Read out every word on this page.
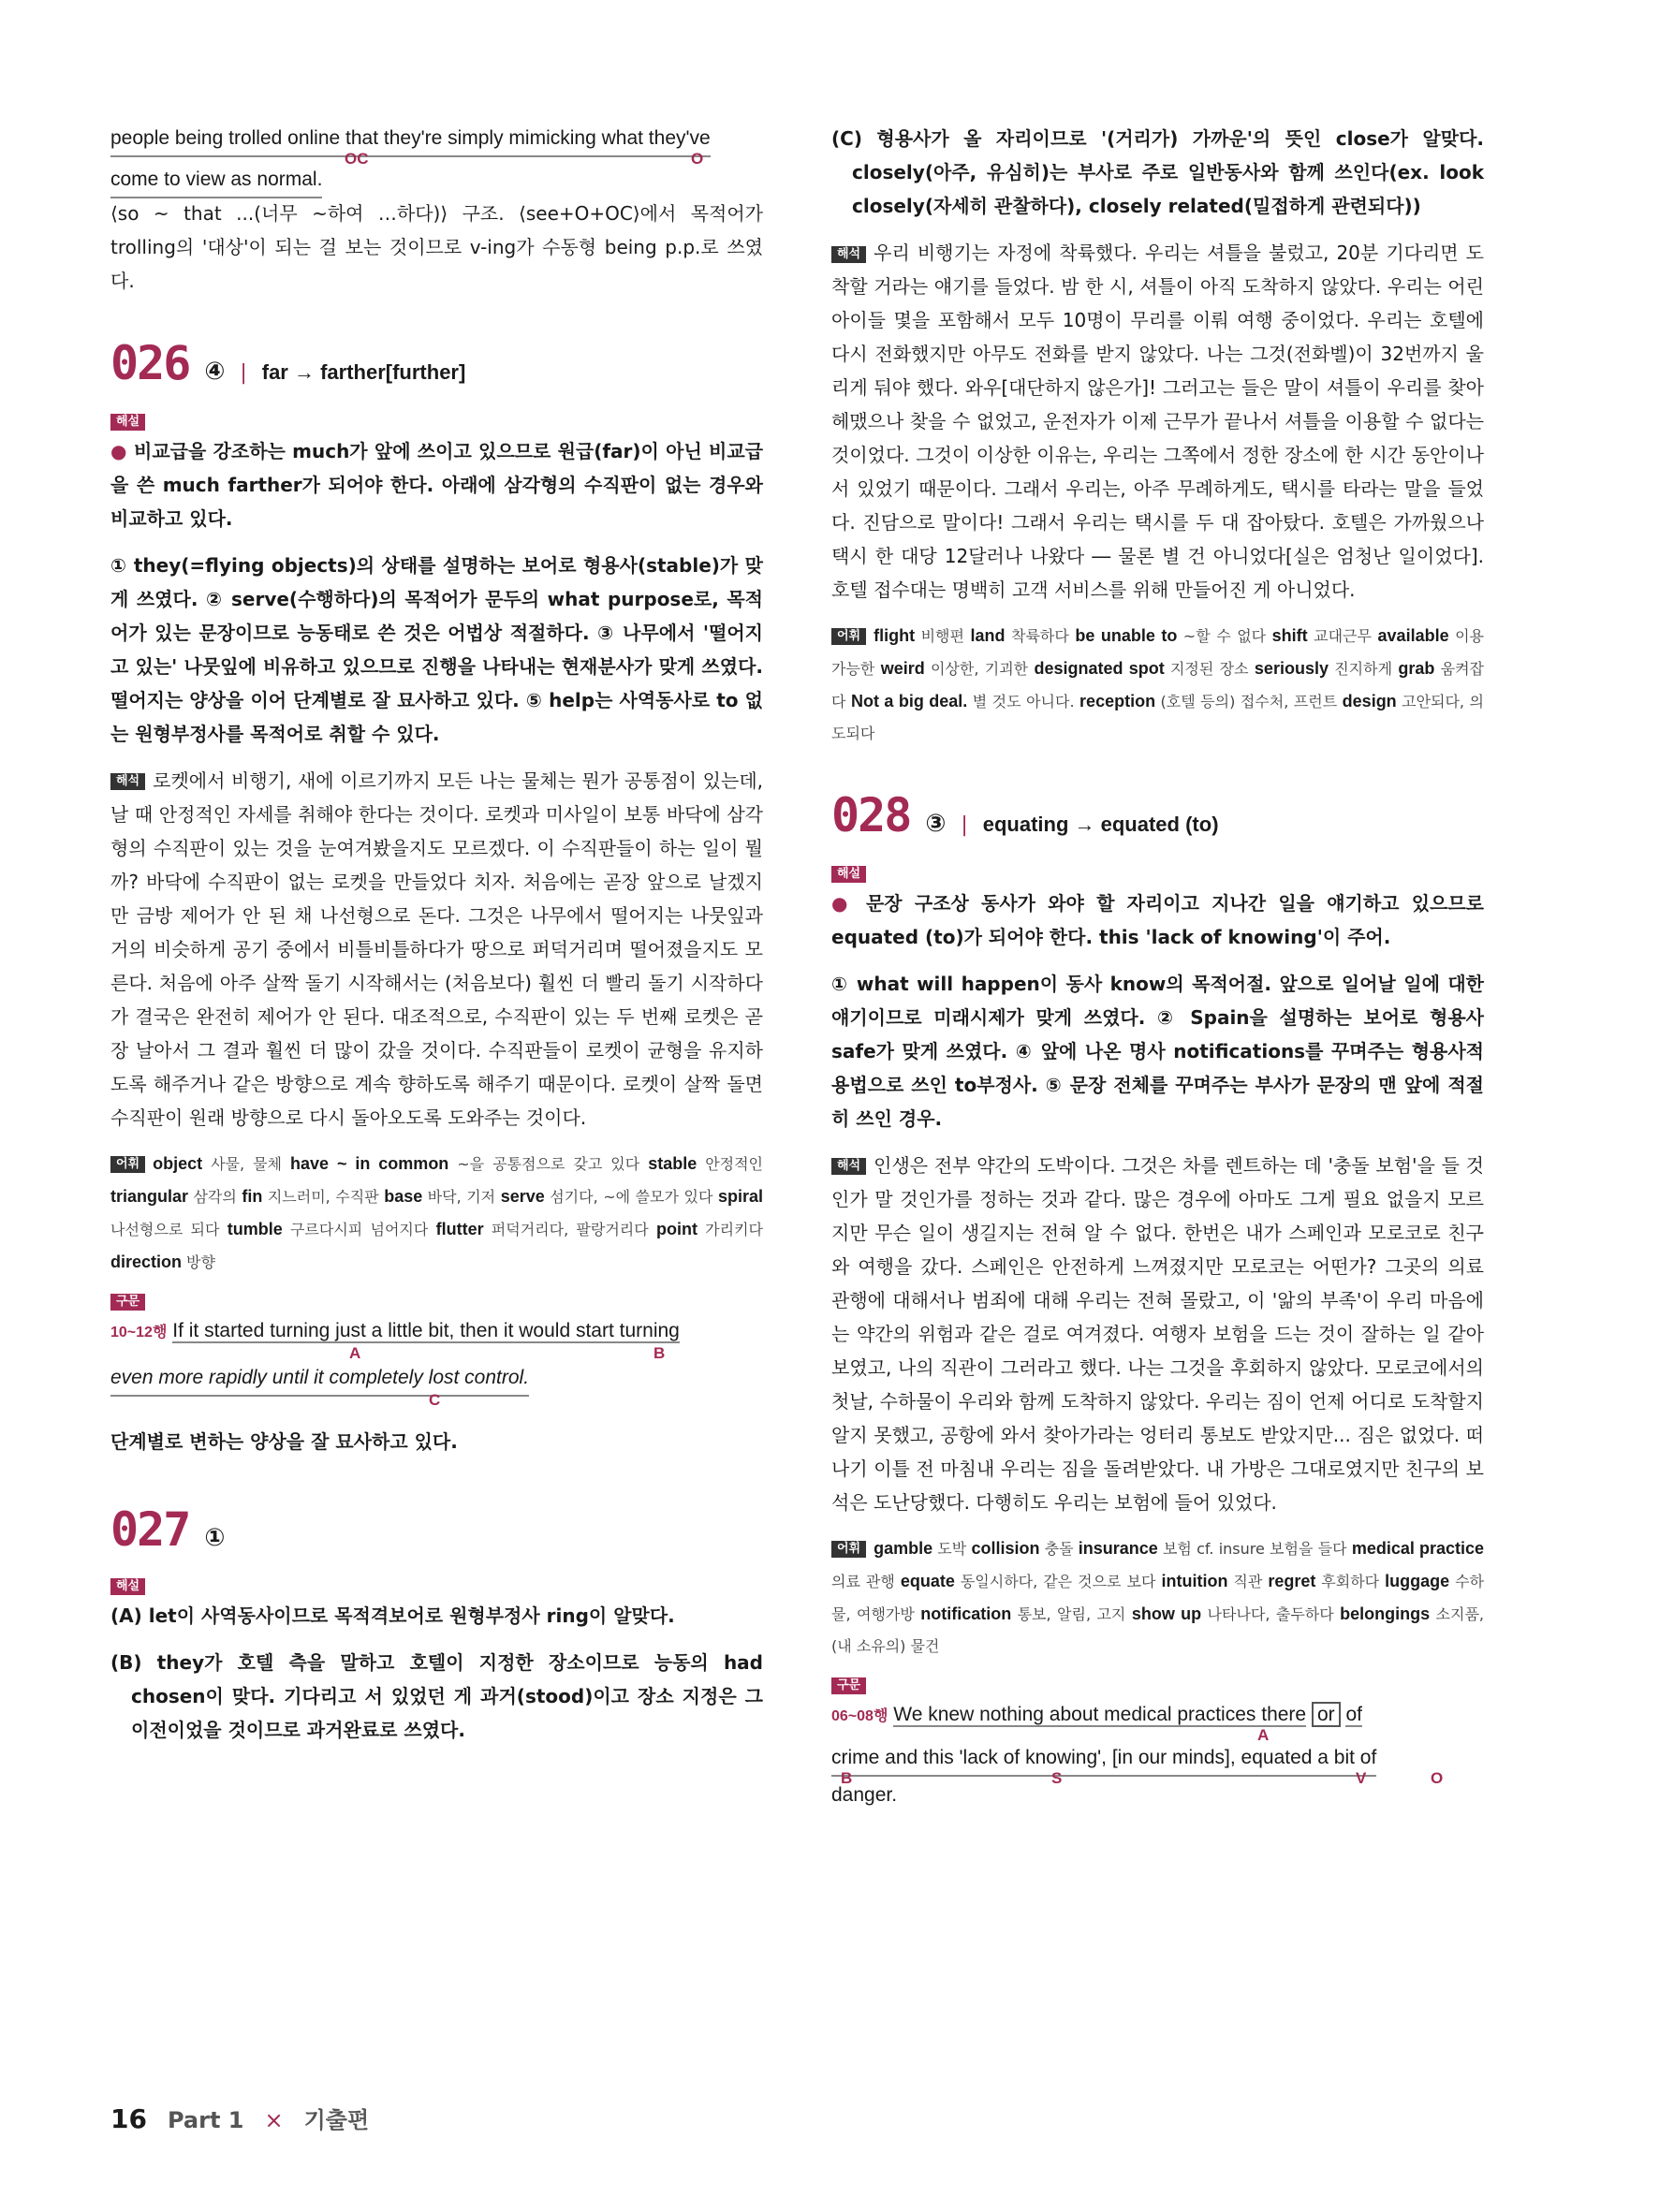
people being trolled online that they're simply mimicking what they've
OC	O
come to view as normal.

⟨so ~ that ...(너무 ~하여 …하다)⟩ 구조. ⟨see+O+OC⟩에서 목적어가 trolling의 '대상'이 되는 걸 보는 것이므로 v-ing가 수동형 being p.p.로 쓰였다.

026 ④ | far → farther[further]
해설

● 비교급을 강조하는 much가 앞에 쓰이고 있으므로 원급(far)이 아닌 비교급을 쓴 much farther가 되어야 한다. 아래에 삼각형의 수직판이 없는 경우와 비교하고 있다.

① they(=flying objects)의 상태를 설명하는 보어로 형용사(stable)가 맞게 쓰였다. ② serve(수행하다)의 목적어가 문두의 what purpose로, 목적어가 있는 문장이므로 능동태로 쓴 것은 어법상 적절하다. ③ 나무에서 '떨어지고 있는' 나뭇잎에 비유하고 있으므로 진행을 나타내는 현재분사가 맞게 쓰였다. 떨어지는 양상을 이어 단계별로 잘 묘사하고 있다. ⑤ help는 사역동사로 to 없는 원형부정사를 목적어로 취할 수 있다.

해석 로켓에서 비행기, 새에 이르기까지 모든 나는 물체는 뭔가 공통점이 있는데, 날 때 안정적인 자세를 취해야 한다는 것이다. 로켓과 미사일이 보통 바닥에 삼각형의 수직판이 있는 것을 눈여겨봤을지도 모르겠다. 이 수직판들이 하는 일이 뭘까? 바닥에 수직판이 없는 로켓을 만들었다 치자. 처음에는 곧장 앞으로 날겠지만 금방 제어가 안 된 채 나선형으로 돈다. 그것은 나무에서 떨어지는 나뭇잎과 거의 비슷하게 공기 중에서 비틀비틀하다가 땅으로 퍼덕거리며 떨어졌을지도 모른다. 처음에 아주 살짝 돌기 시작해서는 (처음보다) 훨씬 더 빨리 돌기 시작하다가 결국은 완전히 제어가 안 된다. 대조적으로, 수직판이 있는 두 번째 로켓은 곧장 날아서 그 결과 훨씬 더 많이 갔을 것이다. 수직판들이 로켓이 균형을 유지하도록 해주거나 같은 방향으로 계속 향하도록 해주기 때문이다. 로켓이 살짝 돌면 수직판이 원래 방향으로 다시 돌아오도록 도와주는 것이다.

어휘 object 사물, 물체 have ~ in common ~을 공통점으로 갖고 있다 stable 안정적인 triangular 삼각의 fin 지느러미, 수직판 base 바닥, 기저 serve 섬기다, ~에 쓸모가 있다 spiral 나선형으로 되다 tumble 구르다시피 넘어지다 flutter 퍼덕거리다, 팔랑거리다 point 가리키다 direction 방향

구문
10~12행 If it started turning just a little bit, then it would start turning
A	B
even more rapidly until it completely lost control.
C

단계별로 변하는 양상을 잘 묘사하고 있다.

027 ①
해설

(A) let이 사역동사이므로 목적격보어로 원형부정사 ring이 알맞다.

(B) they가 호텔 측을 말하고 호텔이 지정한 장소이므로 능동의 had chosen이 맞다. 기다리고 서 있었던 게 과거(stood)이고 장소 지정은 그 이전이었을 것이므로 과거완료로 쓰였다.

(C) 형용사가 올 자리이므로 '(거리가) 가까운'의 뜻인 close가 알맞다. closely(아주, 유심히)는 부사로 주로 일반동사와 함께 쓰인다(ex. look closely(자세히 관찰하다), closely related(밀접하게 관련되다))

해석 우리 비행기는 자정에 착륙했다. 우리는 셔틀을 불렀고, 20분 기다리면 도착할 거라는 얘기를 들었다. 밤 한 시, 셔틀이 아직 도착하지 않았다. 우리는 어린 아이들 몇을 포함해서 모두 10명이 무리를 이뤄 여행 중이었다. 우리는 호텔에 다시 전화했지만 아무도 전화를 받지 않았다. 나는 그것(전화벨)이 32번까지 울리게 둬야 했다. 와우[대단하지 않은가]! 그러고는 들은 말이 셔틀이 우리를 찾아 헤맸으나 찾을 수 없었고, 운전자가 이제 근무가 끝나서 셔틀을 이용할 수 없다는 것이었다. 그것이 이상한 이유는, 우리는 그쪽에서 정한 장소에 한 시간 동안이나 서 있었기 때문이다. 그래서 우리는, 아주 무례하게도, 택시를 타라는 말을 들었다. 진담으로 말이다! 그래서 우리는 택시를 두 대 잡아탔다. 호텔은 가까웠으나 택시 한 대당 12달러나 나왔다 ― 물론 별 건 아니었다[실은 엄청난 일이었다]. 호텔 접수대는 명백히 고객 서비스를 위해 만들어진 게 아니었다.

어휘 flight 비행편 land 착륙하다 be unable to ~할 수 없다 shift 교대근무 available 이용 가능한 weird 이상한, 기괴한 designated spot 지정된 장소 seriously 진지하게 grab 움켜잡다 Not a big deal. 별 것도 아니다. reception (호텔 등의) 접수처, 프런트 design 고안되다, 의도되다

028 ③ | equating → equated (to)
해설

● 문장 구조상 동사가 와야 할 자리이고 지나간 일을 얘기하고 있으므로 equated (to)가 되어야 한다. this 'lack of knowing'이 주어.

① what will happen이 동사 know의 목적어절. 앞으로 일어날 일에 대한 얘기이므로 미래시제가 맞게 쓰였다. ② Spain을 설명하는 보어로 형용사 safe가 맞게 쓰였다. ④ 앞에 나온 명사 notifications를 꾸며주는 형용사적 용법으로 쓰인 to부정사. ⑤ 문장 전체를 꾸며주는 부사가 문장의 맨 앞에 적절히 쓰인 경우.

해석 인생은 전부 약간의 도박이다. 그것은 차를 렌트하는 데 '충돌 보험'을 들 것인가 말 것인가를 정하는 것과 같다. 많은 경우에 아마도 그게 필요 없을지 모르지만 무슨 일이 생길지는 전혀 알 수 없다. 한번은 내가 스페인과 모로코로 친구와 여행을 갔다. 스페인은 안전하게 느껴졌지만 모로코는 어떤가? 그곳의 의료 관행에 대해서나 범죄에 대해 우리는 전혀 몰랐고, 이 '앎의 부족'이 우리 마음에는 약간의 위험과 같은 걸로 여겨졌다. 여행자 보험을 드는 것이 잘하는 일 같아 보였고, 나의 직관이 그러라고 했다. 나는 그것을 후회하지 않았다. 모로코에서의 첫날, 수하물이 우리와 함께 도착하지 않았다. 우리는 짐이 언제 어디로 도착할지 알지 못했고, 공항에 와서 찾아가라는 엉터리 통보도 받았지만... 짐은 없었다. 떠나기 이틀 전 마침내 우리는 짐을 돌려받았다. 내 가방은 그대로였지만 친구의 보석은 도난당했다. 다행히도 우리는 보험에 들어 있었다.

어휘 gamble 도박 collision 충돌 insurance 보험 cf. insure 보험을 들다 medical practice 의료 관행 equate 동일시하다, 같은 것으로 보다 intuition 직관 regret 후회하다 luggage 수하물, 여행가방 notification 통보, 알림, 고지 show up 나타나다, 출두하다 belongings 소지품, (내 소유의) 물건

구문
06~08행 We knew nothing about medical practices there or of
A
crime and this 'lack of knowing', [in our minds], equated a bit of
B	S	V	O
danger.
16 Part 1 × 기출편
